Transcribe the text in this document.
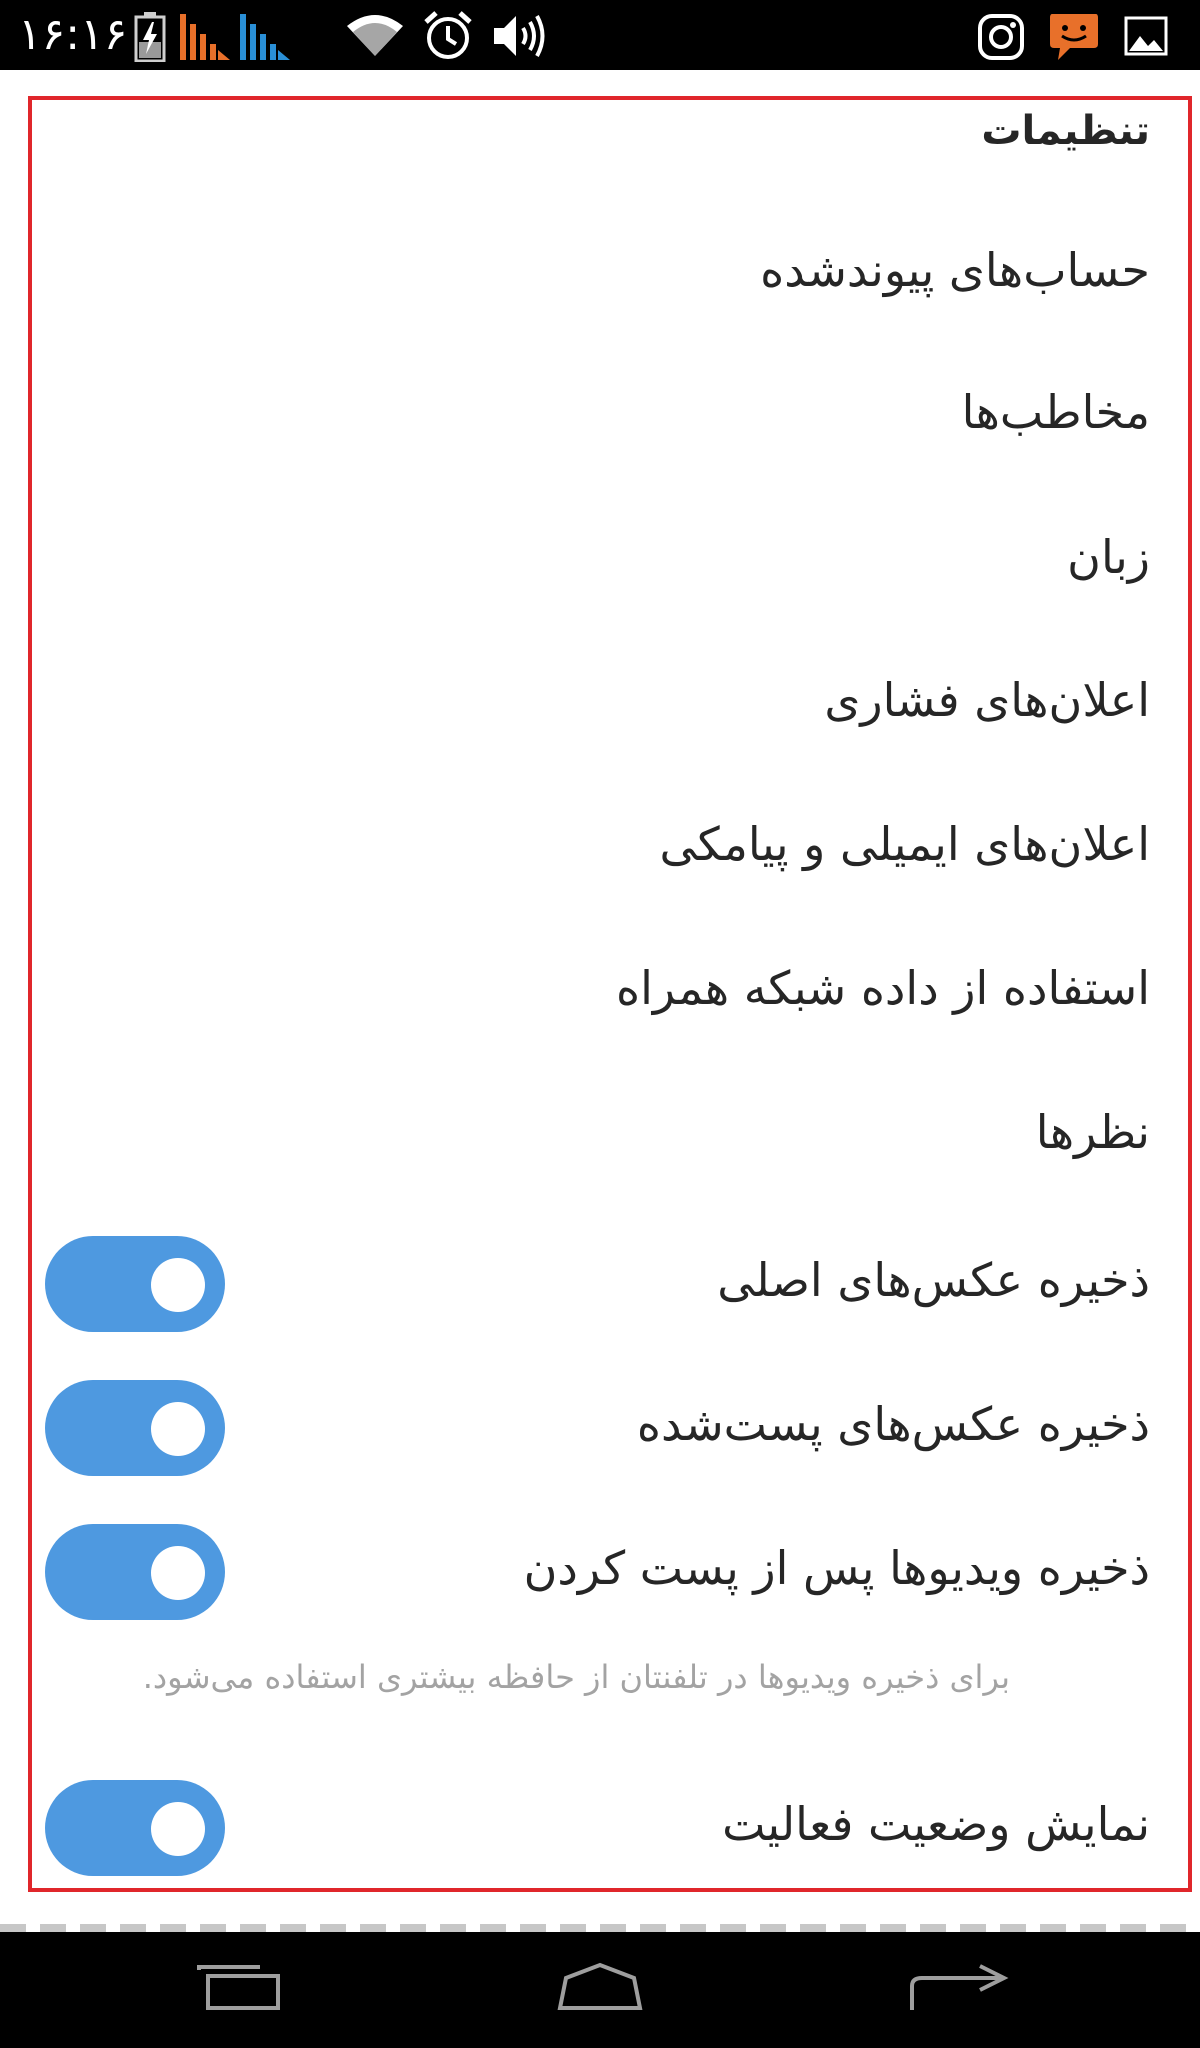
۱۶:۱۶
تنظیمات
حساب‌های پیوندشده
مخاطب‌ها
زبان
اعلان‌های فشاری
اعلان‌های ایمیلی و پیامکی
استفاده از داده شبکه همراه
نظرها
ذخیره عکس‌های اصلی
ذخیره عکس‌های پست‌شده
ذخیره ویدیوها پس از پست کردن
برای ذخیره ویدیوها در تلفنتان از حافظه بیشتری استفاده می‌شود.
نمایش وضعیت فعالیت
